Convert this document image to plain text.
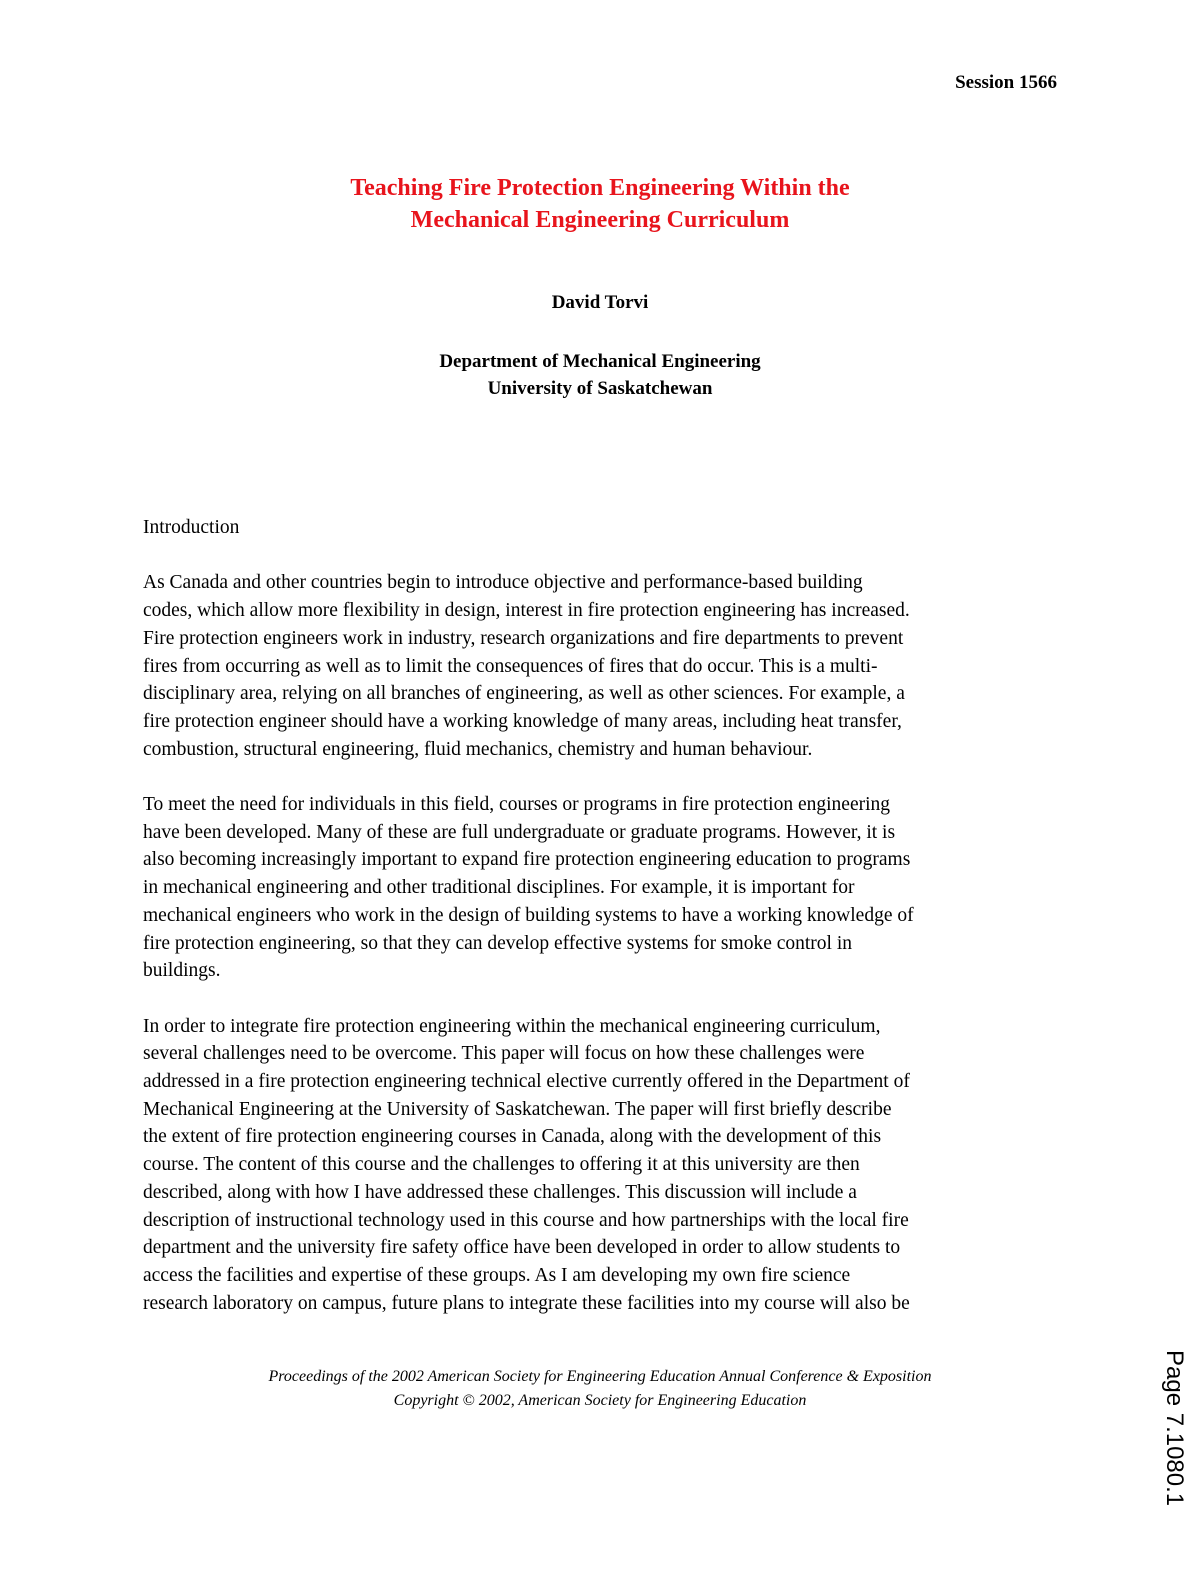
Session 1566
Teaching Fire Protection Engineering Within the
Mechanical Engineering Curriculum
David Torvi
Department of Mechanical Engineering
University of Saskatchewan
Introduction
As Canada and other countries begin to introduce objective and performance-based building
codes, which allow more flexibility in design, interest in fire protection engineering has increased.
Fire protection engineers work in industry, research organizations and fire departments to prevent
fires from occurring as well as to limit the consequences of fires that do occur. This is a multi-
disciplinary area, relying on all branches of engineering, as well as other sciences. For example, a
fire protection engineer should have a working knowledge of many areas, including heat transfer,
combustion, structural engineering, fluid mechanics, chemistry and human behaviour.
To meet the need for individuals in this field, courses or programs in fire protection engineering
have been developed. Many of these are full undergraduate or graduate programs. However, it is
also becoming increasingly important to expand fire protection engineering education to programs
in mechanical engineering and other traditional disciplines. For example, it is important for
mechanical engineers who work in the design of building systems to have a working knowledge of
fire protection engineering, so that they can develop effective systems for smoke control in
buildings.
In order to integrate fire protection engineering within the mechanical engineering curriculum,
several challenges need to be overcome. This paper will focus on how these challenges were
addressed in a fire protection engineering technical elective currently offered in the Department of
Mechanical Engineering at the University of Saskatchewan. The paper will first briefly describe
the extent of fire protection engineering courses in Canada, along with the development of this
course. The content of this course and the challenges to offering it at this university are then
described, along with how I have addressed these challenges. This discussion will include a
description of instructional technology used in this course and how partnerships with the local fire
department and the university fire safety office have been developed in order to allow students to
access the facilities and expertise of these groups. As I am developing my own fire science
research laboratory on campus, future plans to integrate these facilities into my course will also be
Proceedings of the 2002 American Society for Engineering Education Annual Conference & Exposition
Copyright © 2002, American Society for Engineering Education	Page 7.1080.1
